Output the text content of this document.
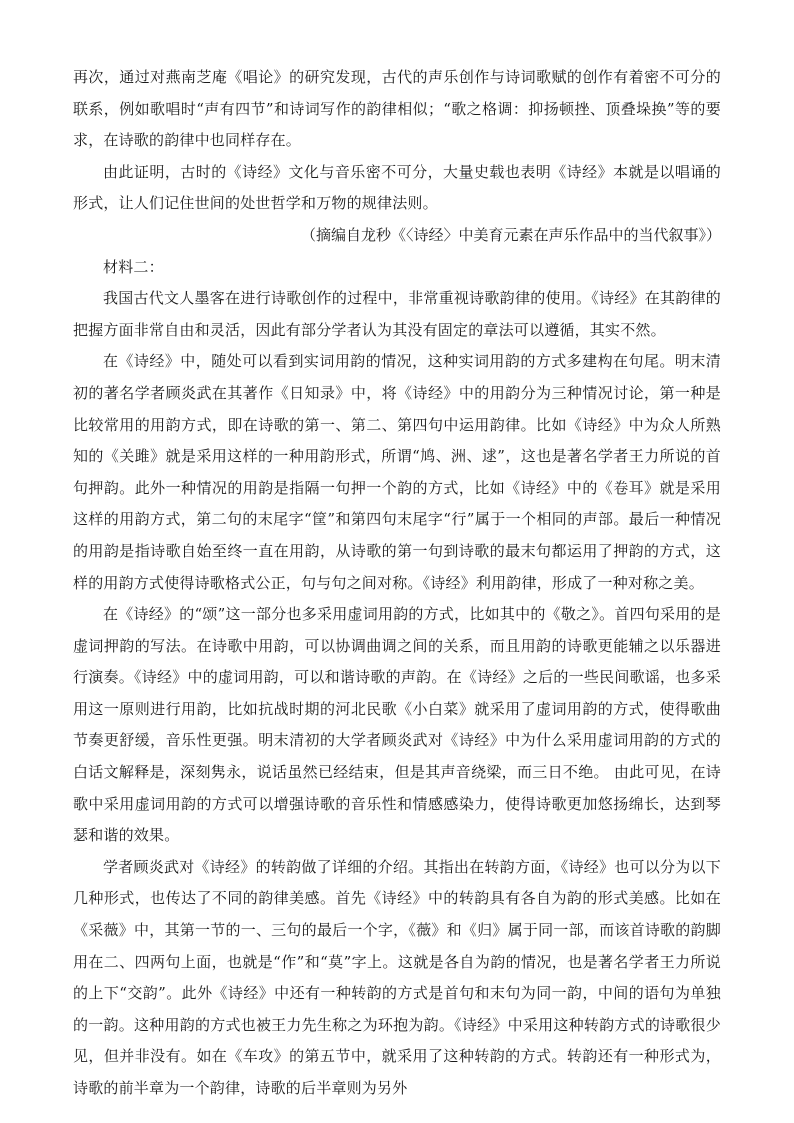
再次，通过对燕南芝庵《唱论》的研究发现，古代的声乐创作与诗词歌赋的创作有着密不可分的联系，例如歌唱时“声有四节”和诗词写作的韵律相似；“歌之格调：抑扬顿挫、顶叠垛换”等的要求，在诗歌的韵律中也同样存在。

由此证明，古时的《诗经》文化与音乐密不可分，大量史载也表明《诗经》本就是以唱诵的形式，让人们记住世间的处世哲学和万物的规律法则。

（摘编自龙秒《〈诗经〉中美育元素在声乐作品中的当代叙事》）

材料二：

我国古代文人墨客在进行诗歌创作的过程中，非常重视诗歌韵律的使用。《诗经》在其韵律的把握方面非常自由和灵活，因此有部分学者认为其没有固定的章法可以遵循，其实不然。

在《诗经》中，随处可以看到实词用韵的情况，这种实词用韵的方式多建构在句尾。明末清初的著名学者顾炎武在其著作《日知录》中，将《诗经》中的用韵分为三种情况讨论，第一种是比较常用的用韵方式，即在诗歌的第一、第二、第四句中运用韵律。比如《诗经》中为众人所熟知的《关雎》就是采用这样的一种用韵形式，所谓“鸠、洲、逑”，这也是著名学者王力所说的首句押韵。此外一种情况的用韵是指隔一句押一个韵的方式，比如《诗经》中的《卷耳》就是采用这样的用韵方式，第二句的末尾字“筐”和第四句末尾字“行”属于一个相同的声部。最后一种情况的用韵是指诗歌自始至终一直在用韵，从诗歌的第一句到诗歌的最末句都运用了押韵的方式，这样的用韵方式使得诗歌格式公正，句与句之间对称。《诗经》利用韵律，形成了一种对称之美。

在《诗经》的“颂”这一部分也多采用虚词用韵的方式，比如其中的《敬之》。首四句采用的是虚词押韵的写法。在诗歌中用韵，可以协调曲调之间的关系，而且用韵的诗歌更能辅之以乐器进行演奏。《诗经》中的虚词用韵，可以和谐诗歌的声韵。在《诗经》之后的一些民间歌谣，也多采用这一原则进行用韵，比如抗战时期的河北民歌《小白菜》就采用了虚词用韵的方式，使得歌曲节奏更舒缓，音乐性更强。明末清初的大学者顾炎武对《诗经》中为什么采用虚词用韵的方式的白话文解释是，深刻隽永，说话虽然已经结束，但是其声音绕梁，而三日不绝。 由此可见，在诗歌中采用虚词用韵的方式可以增强诗歌的音乐性和情感感染力，使得诗歌更加悠扬绵长，达到琴瑟和谐的效果。

学者顾炎武对《诗经》的转韵做了详细的介绍。其指出在转韵方面，《诗经》也可以分为以下几种形式，也传达了不同的韵律美感。首先《诗经》中的转韵具有各自为韵的形式美感。比如在《采薇》中，其第一节的一、三句的最后一个字，《薇》和《归》属于同一部，而该首诗歌的韵脚用在二、四两句上面，也就是“作”和“莫”字上。这就是各自为韵的情况，也是著名学者王力所说的上下“交韵”。此外《诗经》中还有一种转韵的方式是首句和末句为同一韵，中间的语句为单独的一韵。这种用韵的方式也被王力先生称之为环抱为韵。《诗经》中采用这种转韵方式的诗歌很少见，但并非没有。如在《车攻》的第五节中，就采用了这种转韵的方式。转韵还有一种形式为，诗歌的前半章为一个韵律，诗歌的后半章则为另外
